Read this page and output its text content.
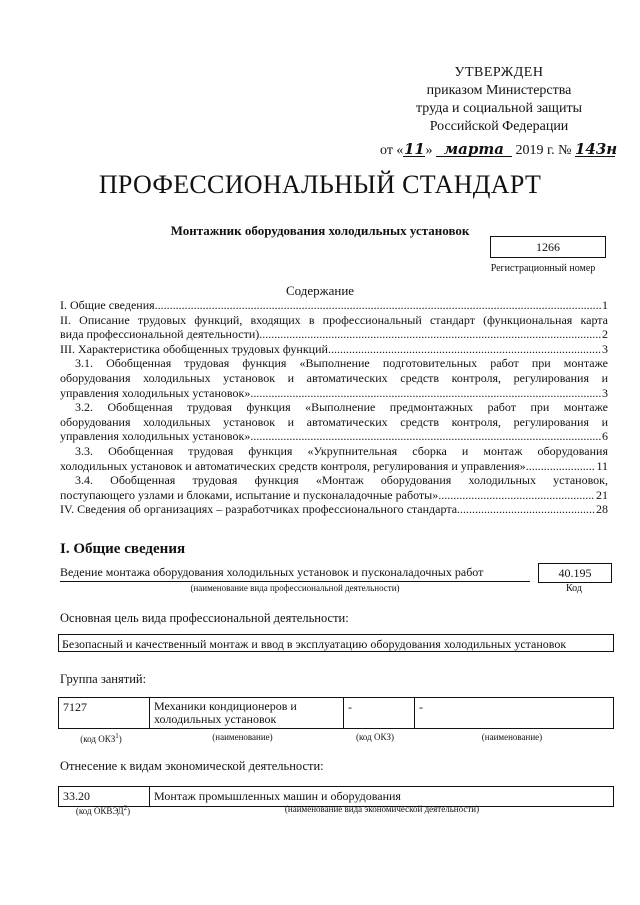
УТВЕРЖДЕН
приказом Министерства
труда и социальной защиты
Российской Федерации
от «11» марта 2019 г. № 143н
ПРОФЕССИОНАЛЬНЫЙ СТАНДАРТ
Монтажник оборудования холодильных установок
1266
Регистрационный номер
Содержание
I. Общие сведения .....	1
II. Описание трудовых функций, входящих в профессиональный стандарт (функциональная карта
вида профессиональной деятельности) .....	2
III. Характеристика обобщенных трудовых функций .....	3
3.1. Обобщенная трудовая функция «Выполнение подготовительных работ при монтаже
оборудования холодильных установок и автоматических средств контроля, регулирования и
управления холодильных установок» .....	3
3.2. Обобщенная трудовая функция «Выполнение предмонтажных работ при монтаже
оборудования холодильных установок и автоматических средств контроля, регулирования и
управления холодильных установок» .....	6
3.3. Обобщенная трудовая функция «Укрупнительная сборка и монтаж оборудования
холодильных установок и автоматических средств контроля, регулирования и управления» .....	11
3.4. Обобщенная трудовая функция «Монтаж оборудования холодильных установок,
поступающего узлами и блоками, испытание и пусконаладочные работы» .....	21
IV. Сведения об организациях – разработчиках профессионального стандарта .....	28
I. Общие сведения
Ведение монтажа оборудования холодильных установок и пусконаладочных работ
(наименование вида профессиональной деятельности)
40.195
Код
Основная цель вида профессиональной деятельности:
Безопасный и качественный монтаж и ввод в эксплуатацию оборудования холодильных установок
Группа занятий:
7127	Механики кондиционеров и холодильных установок	-	-
(код ОКЗ$^1$)	(наименование)	(код ОКЗ)	(наименование)
Отнесение к видам экономической деятельности:
33.20	Монтаж промышленных машин и оборудования
(код ОКВЭД$^2$)	(наименование вида экономической деятельности)
